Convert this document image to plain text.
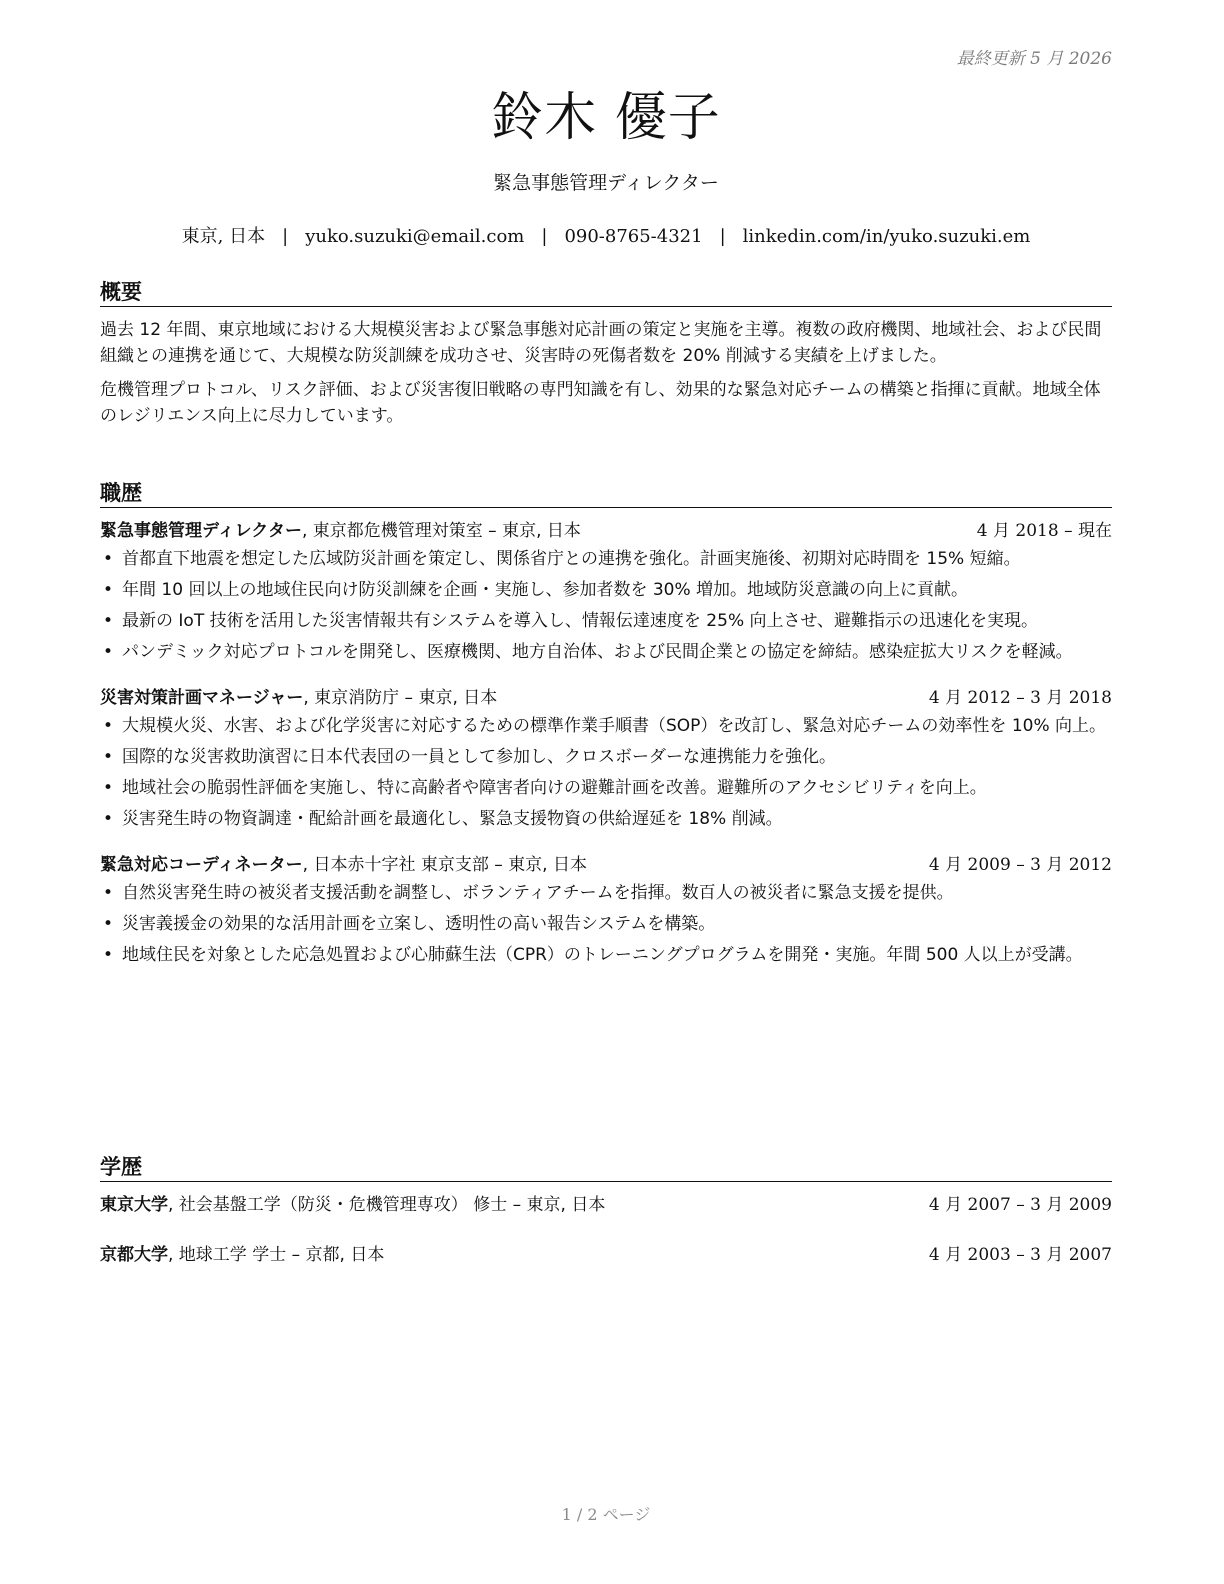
最終更新 5 月 2026
鈴木 優子
緊急事態管理ディレクター
東京, 日本 | yuko.suzuki@email.com | 090-8765-4321 | linkedin.com/in/yuko.suzuki.em
概要

過去 12 年間、東京地域における大規模災害および緊急事態対応計画の策定と実施を主導。複数の政府機関、地域社会、および民間組織との連携を通じて、大規模な防災訓練を成功させ、災害時の死傷者数を 20% 削減する実績を上げました。

危機管理プロトコル、リスク評価、および災害復旧戦略の専門知識を有し、効果的な緊急対応チームの構築と指揮に貢献。地域全体のレジリエンス向上に尽力しています。

職歴
緊急事態管理ディレクター, 東京都危機管理対策室 – 東京, 日本	4 月 2018 – 現在
• 首都直下地震を想定した広域防災計画を策定し、関係省庁との連携を強化。計画実施後、初期対応時間を 15% 短縮。
• 年間 10 回以上の地域住民向け防災訓練を企画・実施し、参加者数を 30% 増加。地域防災意識の向上に貢献。
• 最新の IoT 技術を活用した災害情報共有システムを導入し、情報伝達速度を 25% 向上させ、避難指示の迅速化を実現。
• パンデミック対応プロトコルを開発し、医療機関、地方自治体、および民間企業との協定を締結。感染症拡大リスクを軽減。
災害対策計画マネージャー, 東京消防庁 – 東京, 日本	4 月 2012 – 3 月 2018
• 大規模火災、水害、および化学災害に対応するための標準作業手順書（SOP）を改訂し、緊急対応チームの効率性を 10% 向上。
• 国際的な災害救助演習に日本代表団の一員として参加し、クロスボーダーな連携能力を強化。
• 地域社会の脆弱性評価を実施し、特に高齢者や障害者向けの避難計画を改善。避難所のアクセシビリティを向上。
• 災害発生時の物資調達・配給計画を最適化し、緊急支援物資の供給遅延を 18% 削減。
緊急対応コーディネーター, 日本赤十字社 東京支部 – 東京, 日本	4 月 2009 – 3 月 2012
• 自然災害発生時の被災者支援活動を調整し、ボランティアチームを指揮。数百人の被災者に緊急支援を提供。
• 災害義援金の効果的な活用計画を立案し、透明性の高い報告システムを構築。
• 地域住民を対象とした応急処置および心肺蘇生法（CPR）のトレーニングプログラムを開発・実施。年間 500 人以上が受講。
学歴
東京大学, 社会基盤工学（防災・危機管理専攻） 修士 – 東京, 日本	4 月 2007 – 3 月 2009
京都大学, 地球工学 学士 – 京都, 日本	4 月 2003 – 3 月 2007
1 / 2 ページ
